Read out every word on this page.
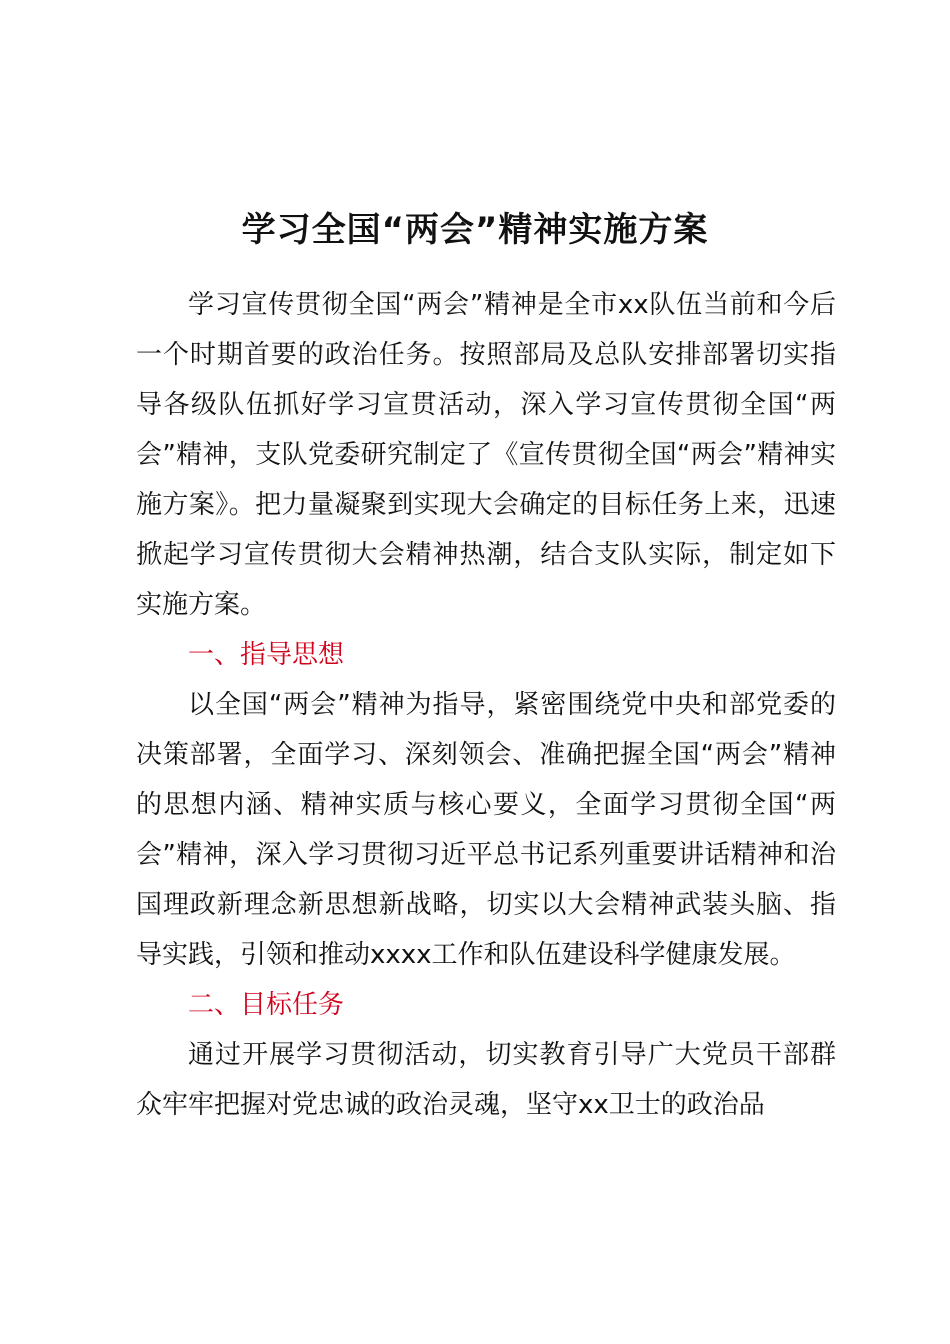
学习全国“两会”精神实施方案

学习宣传贯彻全国“两会”精神是全市xx队伍当前和今后一个时期首要的政治任务。按照部局及总队安排部署切实指导各级队伍抓好学习宣贯活动，深入学习宣传贯彻全国“两会”精神，支队党委研究制定了《宣传贯彻全国“两会”精神实施方案》。把力量凝聚到实现大会确定的目标任务上来，迅速掀起学习宣传贯彻大会精神热潮，结合支队实际，制定如下实施方案。

一、指导思想

以全国“两会”精神为指导，紧密围绕党中央和部党委的决策部署，全面学习、深刻领会、准确把握全国“两会”精神的思想内涵、精神实质与核心要义，全面学习贯彻全国“两会”精神，深入学习贯彻习近平总书记系列重要讲话精神和治国理政新理念新思想新战略，切实以大会精神武装头脑、指导实践，引领和推动xxxx工作和队伍建设科学健康发展。

二、目标任务

通过开展学习贯彻活动，切实教育引导广大党员干部群众牢牢把握对党忠诚的政治灵魂，坚守xx卫士的政治品
